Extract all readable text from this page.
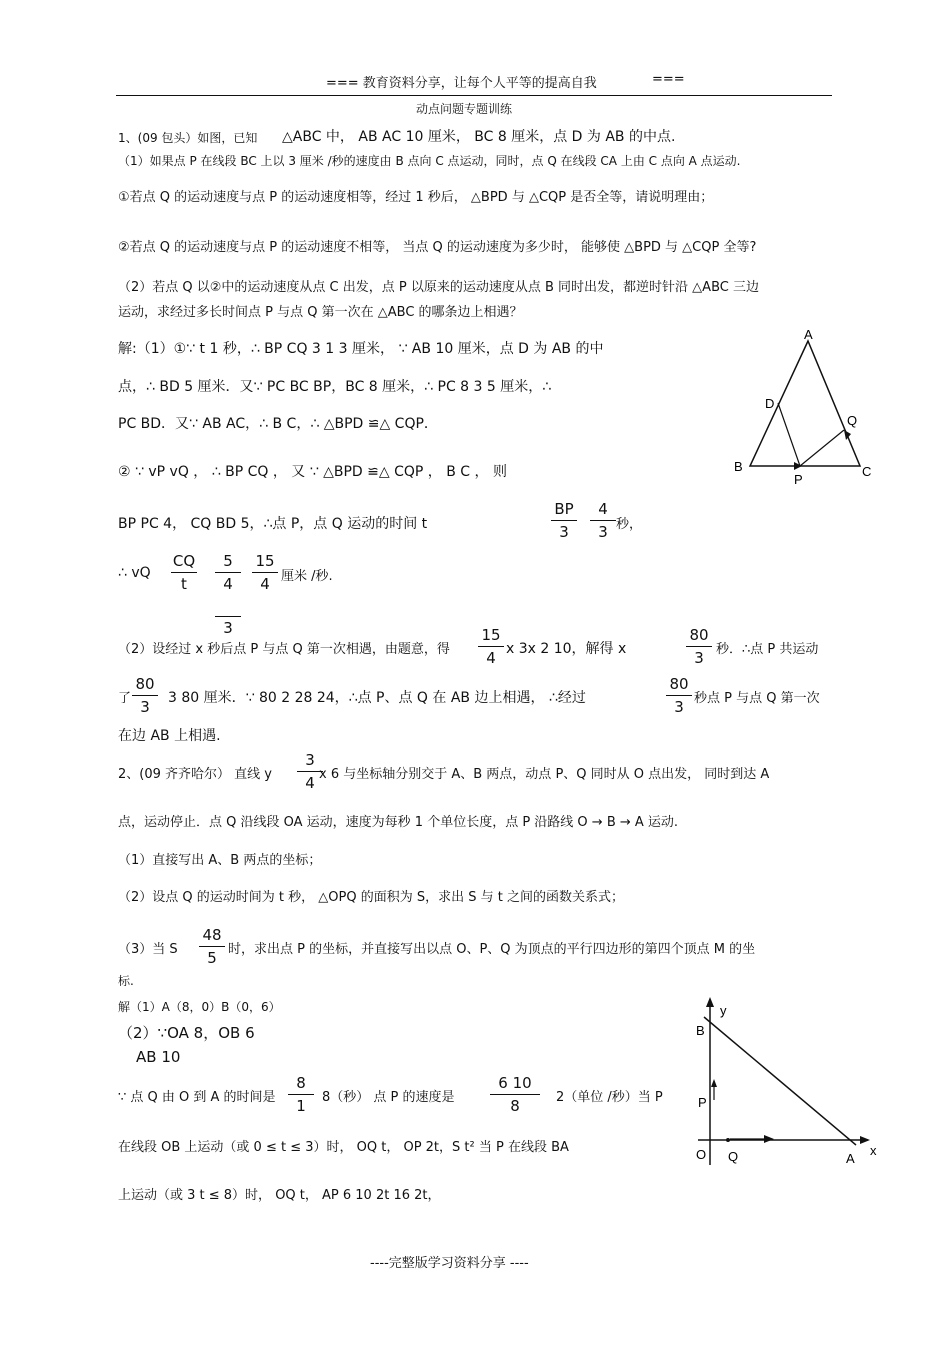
=== 教育资料分享，让每个人平等的提高自我	===
动点问题专题训练
1、(09 包头）如图，已知 △ABC 中， AB AC 10 厘米， BC 8 厘米，点 D 为 AB 的中点.
（1）如果点 P 在线段 BC 上以 3 厘米 /秒的速度由 B 点向 C 点运动，同时，点 Q 在线段 CA 上由 C 点向 A 点运动.
①若点 Q 的运动速度与点 P 的运动速度相等，经过 1 秒后， △BPD 与 △CQP 是否全等，请说明理由；
②若点 Q 的运动速度与点 P 的运动速度不相等， 当点 Q 的运动速度为多少时， 能够使 △BPD 与 △CQP 全等?
（2）若点 Q 以②中的运动速度从点 C 出发，点 P 以原来的运动速度从点 B 同时出发，都逆时针沿 △ABC 三边
运动，求经过多长时间点 P 与点 Q 第一次在 △ABC 的哪条边上相遇？
解:（1）①∵ t 1 秒，∴ BP CQ 3 1 3 厘米， ∵ AB 10 厘米，点 D 为 AB 的中
点，∴ BD 5 厘米．又∵ PC BC BP，BC 8 厘米，∴ PC 8 3 5 厘米，∴
PC BD．又∵ AB AC，∴ B C，∴ △BPD ≌△ CQP．
② ∵ vP vQ ， ∴ BP CQ ， 又 ∵ △BPD ≌△ CQP ， B C ， 则
BP PC 4， CQ BD 5，∴点 P，点 Q 运动的时间 t
BP
3
4
3 秒，
∴ vQ
CQ
t
5
4
3
15
4 厘米 /秒.
（2）设经过 x 秒后点 P 与点 Q 第一次相遇，由题意，得
15
4 x 3x 2 10，解得 x
80
3 秒．∴点 P 共运动
了
80
3	3 80 厘米．∵ 80 2 28 24，∴点 P、点 Q 在 AB 边上相遇， ∴经过
80
3 秒点 P 与点 Q 第一次
在边 AB 上相遇.
A
B	C
D
P
Q
2、(09 齐齐哈尔） 直线 y
3
4 x 6 与坐标轴分别交于 A、B 两点，动点 P、Q 同时从 O 点出发， 同时到达 A
点，运动停止．点 Q 沿线段 OA 运动，速度为每秒 1 个单位长度，点 P 沿路线 O → B → A 运动.
（1）直接写出 A、B 两点的坐标；
（2）设点 Q 的运动时间为 t 秒， △OPQ 的面积为 S，求出 S 与 t 之间的函数关系式；
（3）当 S
48
5 时，求出点 P 的坐标，并直接写出以点 O、P、Q 为顶点的平行四边形的第四个顶点 M 的坐
标.
解（1）A（8，0）B（0，6）
（2）∵OA 8，OB 6
AB 10
∵ 点 Q 由 O 到 A 的时间是
8
1	8（秒） 点 P 的速度是
6 10
8	2（单位 /秒）当 P
在线段 OB 上运动（或 0 ≤ t ≤ 3）时， OQ t， OP 2t，S t² 当 P 在线段 BA
上运动（或 3 t ≤ 8）时， OQ t， AP 6 10 2t 16 2t，
y
x
B
A
O Q
P
----完整版学习资料分享 ----
